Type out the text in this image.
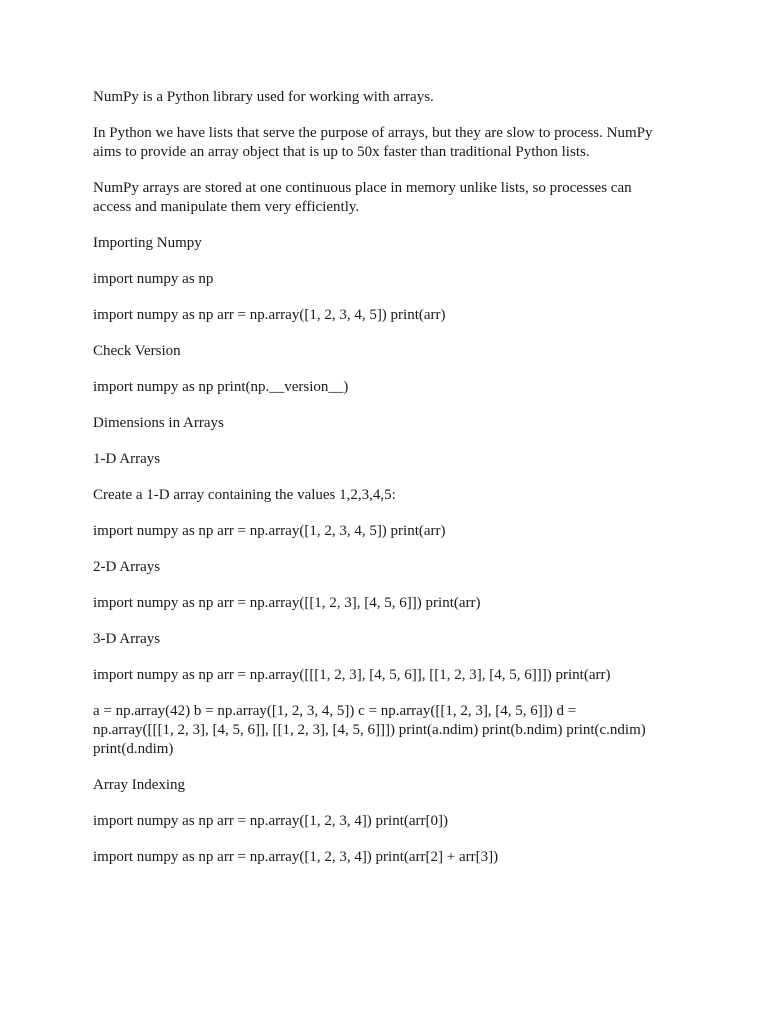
NumPy is a Python library used for working with arrays.

In Python we have lists that serve the purpose of arrays, but they are slow to process. NumPy aims to provide an array object that is up to 50x faster than traditional Python lists.

NumPy arrays are stored at one continuous place in memory unlike lists, so processes can access and manipulate them very efficiently.

Importing Numpy

import numpy as np

import numpy as np arr = np.array([1, 2, 3, 4, 5]) print(arr)

Check Version

import numpy as np print(np.__version__)

Dimensions in Arrays

1-D Arrays

Create a 1-D array containing the values 1,2,3,4,5:

import numpy as np arr = np.array([1, 2, 3, 4, 5]) print(arr)

2-D Arrays

import numpy as np arr = np.array([[1, 2, 3], [4, 5, 6]]) print(arr)

3-D Arrays

import numpy as np arr = np.array([[[1, 2, 3], [4, 5, 6]], [[1, 2, 3], [4, 5, 6]]]) print(arr)

a = np.array(42) b = np.array([1, 2, 3, 4, 5]) c = np.array([[1, 2, 3], [4, 5, 6]]) d = np.array([[[1, 2, 3], [4, 5, 6]], [[1, 2, 3], [4, 5, 6]]]) print(a.ndim) print(b.ndim) print(c.ndim) print(d.ndim)

Array Indexing

import numpy as np arr = np.array([1, 2, 3, 4]) print(arr[0])

import numpy as np arr = np.array([1, 2, 3, 4]) print(arr[2] + arr[3])
